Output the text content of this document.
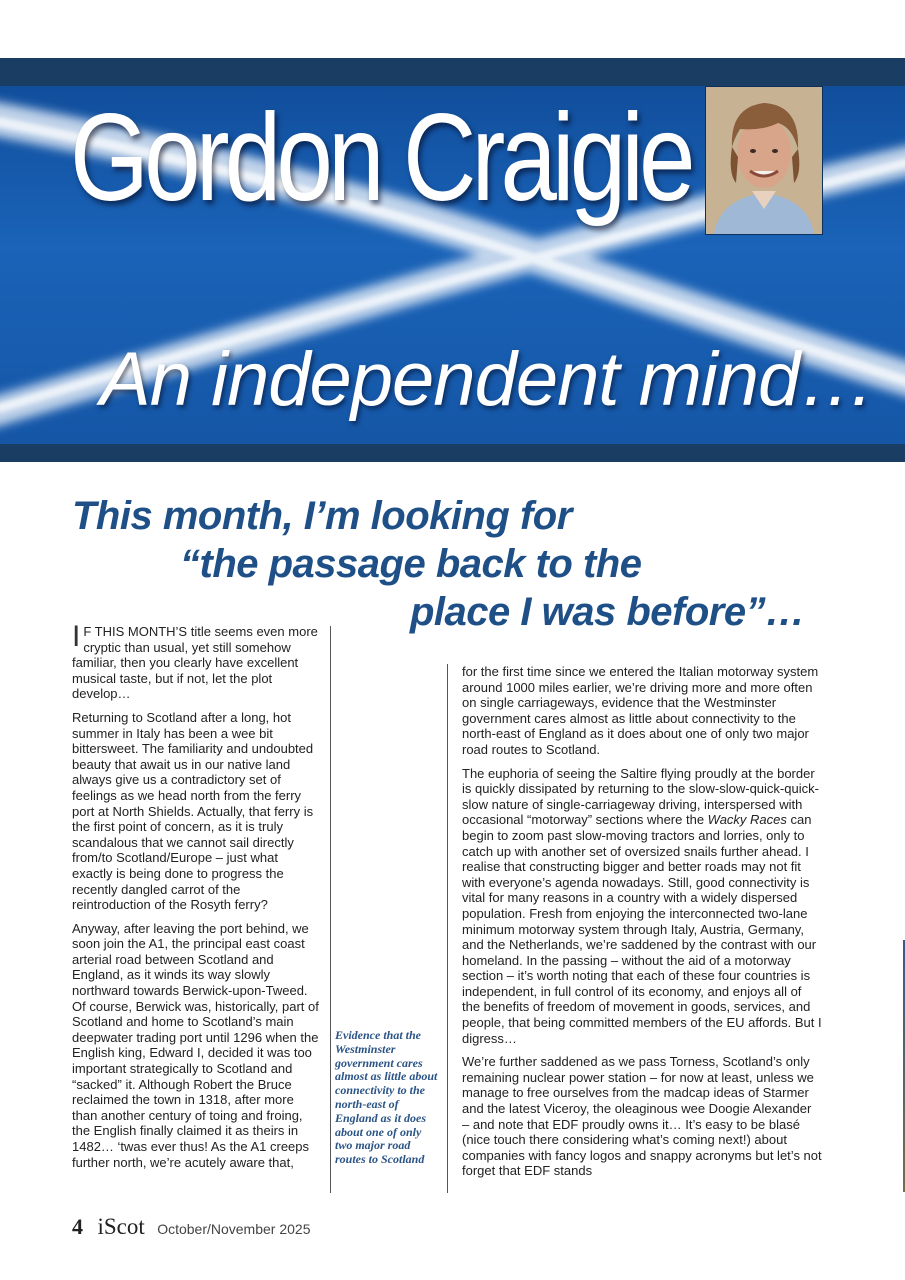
Gordon Craigie
An independent mind…
This month, I’m looking for
“the passage back to the
place I was before”…

I F THIS MONTH’S title seems even more cryptic than usual, yet still somehow familiar, then you clearly have excellent musical taste, but if not, let the plot develop…

Returning to Scotland after a long, hot summer in Italy has been a wee bit bittersweet. The familiarity and undoubted beauty that await us in our native land always give us a contradictory set of feelings as we head north from the ferry port at North Shields. Actually, that ferry is the first point of concern, as it is truly scandalous that we cannot sail directly from/to Scotland/Europe – just what exactly is being done to progress the recently dangled carrot of the reintroduction of the Rosyth ferry?

Anyway, after leaving the port behind, we soon join the A1, the principal east coast arterial road between Scotland and England, as it winds its way slowly northward towards Berwick-upon-Tweed. Of course, Berwick was, historically, part of Scotland and home to Scotland’s main deepwater trading port until 1296 when the English king, Edward I, decided it was too important strategically to Scotland and “sacked” it. Although Robert the Bruce reclaimed the town in 1318, after more than another century of toing and froing, the English finally claimed it as theirs in 1482… ‘twas ever thus! As the A1 creeps further north, we’re acutely aware that,

Evidence that the Westminster government cares almost as little about connectivity to the north-east of England as it does about one of only two major road routes to Scotland

for the first time since we entered the Italian motorway system around 1000 miles earlier, we’re driving more and more often on single carriageways, evidence that the Westminster government cares almost as little about connectivity to the north-east of England as it does about one of only two major road routes to Scotland.

The euphoria of seeing the Saltire flying proudly at the border is quickly dissipated by returning to the slow-slow-quick-quick-slow nature of single-carriageway driving, interspersed with occasional “motorway” sections where the Wacky Races can begin to zoom past slow-moving tractors and lorries, only to catch up with another set of oversized snails further ahead. I realise that constructing bigger and better roads may not fit with everyone’s agenda nowadays. Still, good connectivity is vital for many reasons in a country with a widely dispersed population. Fresh from enjoying the interconnected two-lane minimum motorway system through Italy, Austria, Germany, and the Netherlands, we’re saddened by the contrast with our homeland. In the passing – without the aid of a motorway section – it’s worth noting that each of these four countries is independent, in full control of its economy, and enjoys all of the benefits of freedom of movement in goods, services, and people, that being committed members of the EU affords. But I digress…

We’re further saddened as we pass Torness, Scotland’s only remaining nuclear power station – for now at least, unless we manage to free ourselves from the madcap ideas of Starmer and the latest Viceroy, the oleaginous wee Doogie Alexander – and note that EDF proudly owns it… It’s easy to be blasé (nice touch there considering what’s coming next!) about companies with fancy logos and snappy acronyms but let’s not forget that EDF stands

4 iScot October/November 2025
